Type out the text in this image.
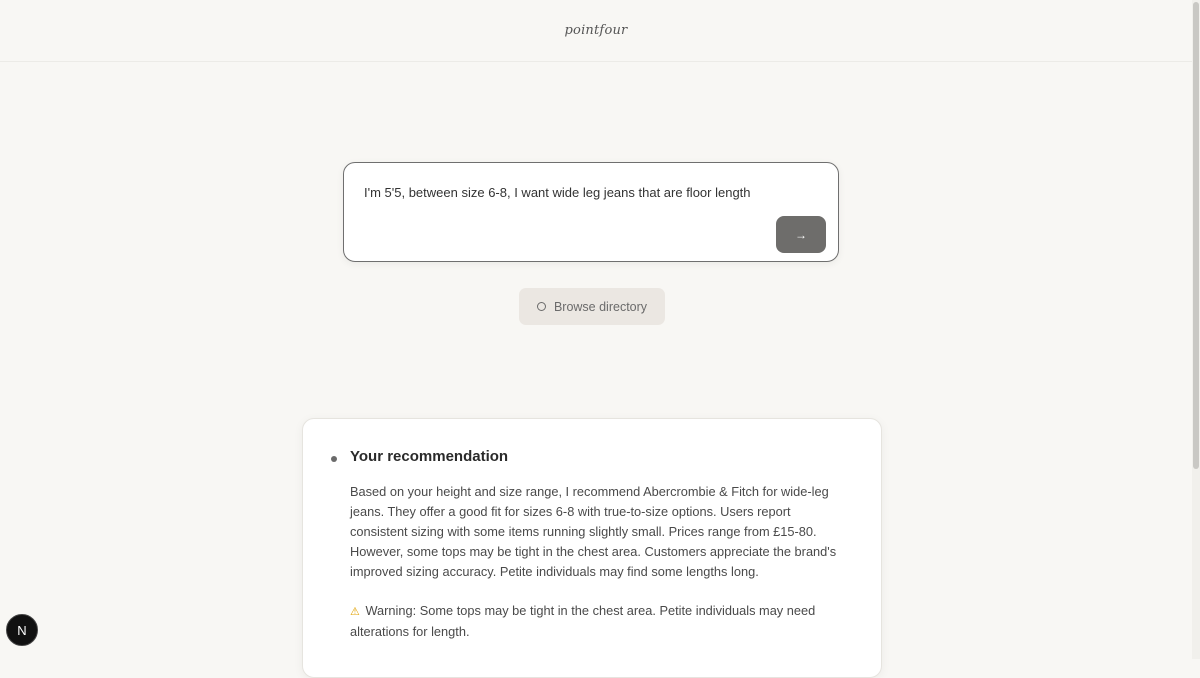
pointfour
I'm 5'5, between size 6-8, I want wide leg jeans that are floor length
→
Browse directory
Your recommendation
Based on your height and size range, I recommend Abercrombie & Fitch for wide-leg jeans. They offer a good fit for sizes 6-8 with true-to-size options. Users report consistent sizing with some items running slightly small. Prices range from £15-80. However, some tops may be tight in the chest area. Customers appreciate the brand's improved sizing accuracy. Petite individuals may find some lengths long.
⚠ Warning: Some tops may be tight in the chest area. Petite individuals may need alterations for length.
N
